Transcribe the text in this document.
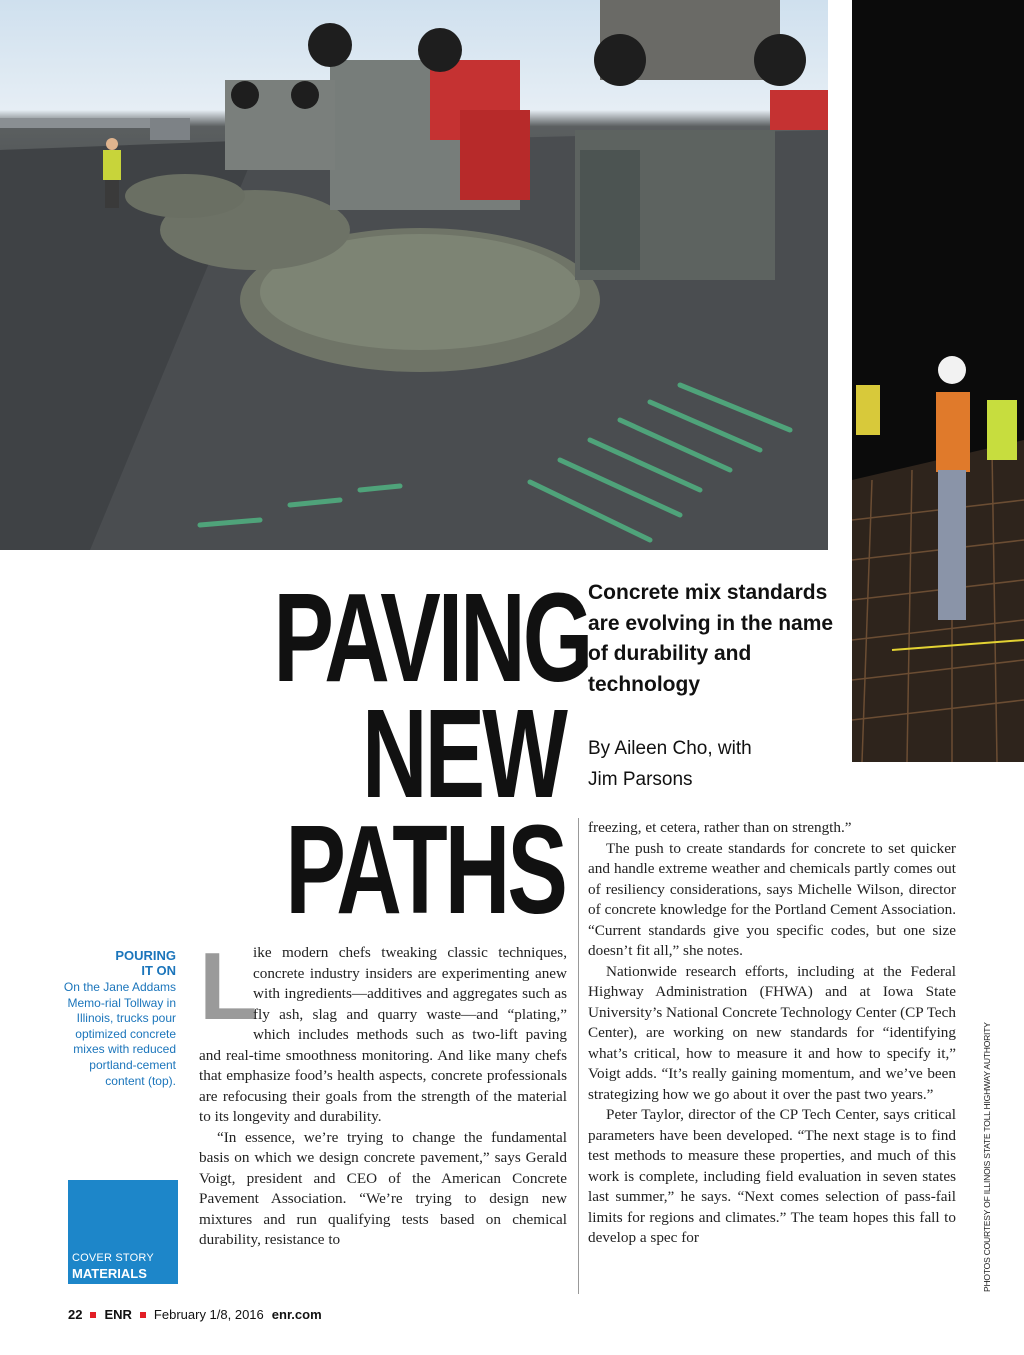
PAVING
NEW
PATHS
Concrete mix standards are evolving in the name of durability and technology
By Aileen Cho, with
Jim Parsons
POURING
IT ON
On the Jane Addams Memo-rial Tollway in Illinois, trucks pour optimized concrete mixes with reduced portland-cement content (top).
COVER STORY
MATERIALS
L

ike modern chefs tweaking classic techniques, concrete industry insiders are experimenting anew with ingredients—additives and aggregates such as fly ash, slag and quarry waste—and “plating,” which includes methods such as two-lift paving and real-time smoothness monitoring. And like many chefs that emphasize food’s health aspects, concrete professionals are refocusing their goals from the strength of the material to its longevity and durability.

“In essence, we’re trying to change the fundamental basis on which we design concrete pavement,” says Gerald Voigt, president and CEO of the American Concrete Pavement Association. “We’re trying to design new mixtures and run qualifying tests based on chemical durability, resistance to

freezing, et cetera, rather than on strength.”

The push to create standards for concrete to set quicker and handle extreme weather and chemicals partly comes out of resiliency considerations, says Michelle Wilson, director of concrete knowledge for the Portland Cement Association. “Current standards give you specific codes, but one size doesn’t fit all,” she notes.

Nationwide research efforts, including at the Federal Highway Administration (FHWA) and at Iowa State University’s National Concrete Technology Center (CP Tech Center), are working on new standards for “identifying what’s critical, how to measure it and how to specify it,” Voigt adds. “It’s really gaining momentum, and we’ve been strategizing how we go about it over the past two years.”

Peter Taylor, director of the CP Tech Center, says critical parameters have been developed. “The next stage is to find test methods to measure these properties, and much of this work is complete, including field evaluation in seven states last summer,” he says. “Next comes selection of pass-fail limits for regions and climates.” The team hopes this fall to develop a spec for	PHOTOS COURTESY OF ILLINOIS STATE TOLL HIGHWAY AUTHORITY
22 ENR February 1/8, 2016 enr.com
